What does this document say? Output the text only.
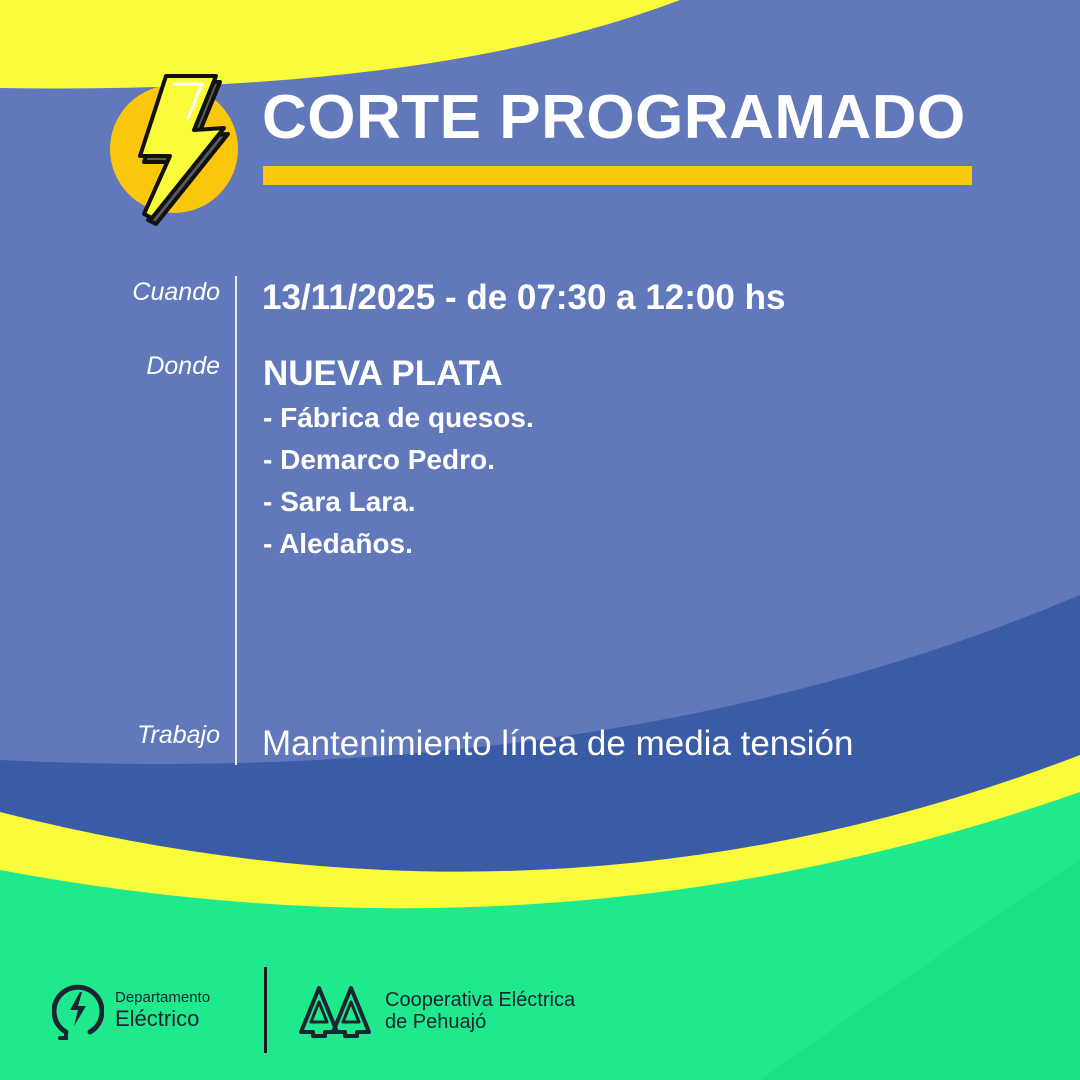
CORTE PROGRAMADO
Cuando
Donde
Trabajo
13/11/2025 - de 07:30 a 12:00 hs
NUEVA PLATA
- Fábrica de quesos.
- Demarco Pedro.
- Sara Lara.
- Aledaños.
Mantenimiento línea de media tensión
Departamento
Eléctrico
Cooperativa Eléctrica
de Pehuajó
